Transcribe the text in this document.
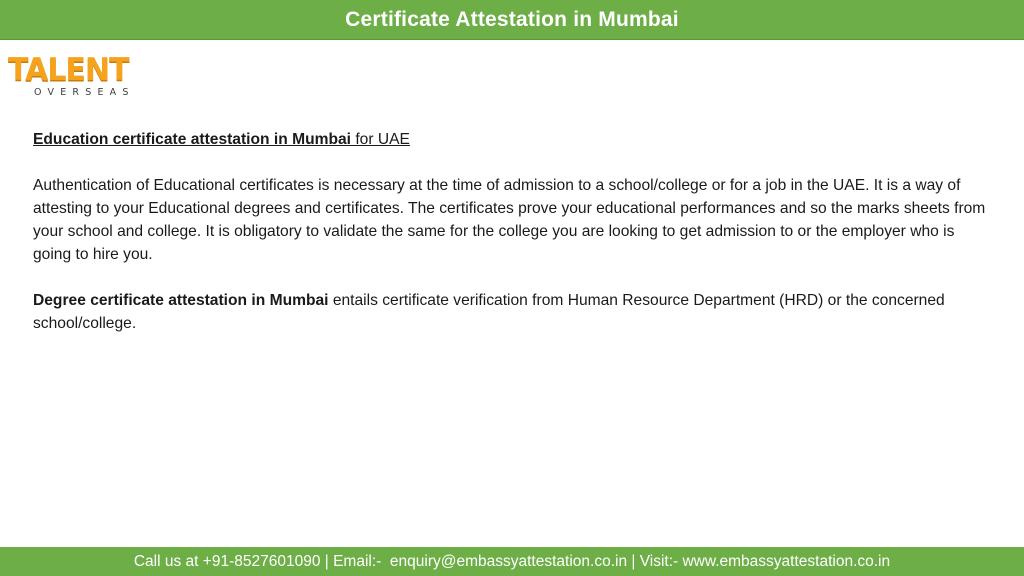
Certificate Attestation in Mumbai
TALENT
OVERSEAS

Education certificate attestation in Mumbai for UAE

Authentication of Educational certificates is necessary at the time of admission to a school/college or for a job in the UAE. It is a way of attesting to your Educational degrees and certificates. The certificates prove your educational performances and so the marks sheets from your school and college. It is obligatory to validate the same for the college you are looking to get admission to or the employer who is going to hire you.

Degree certificate attestation in Mumbai entails certificate verification from Human Resource Department (HRD) or the concerned school/college.

Call us at +91-8527601090 | Email:-  enquiry@embassyattestation.co.in | Visit:- www.embassyattestation.co.in
